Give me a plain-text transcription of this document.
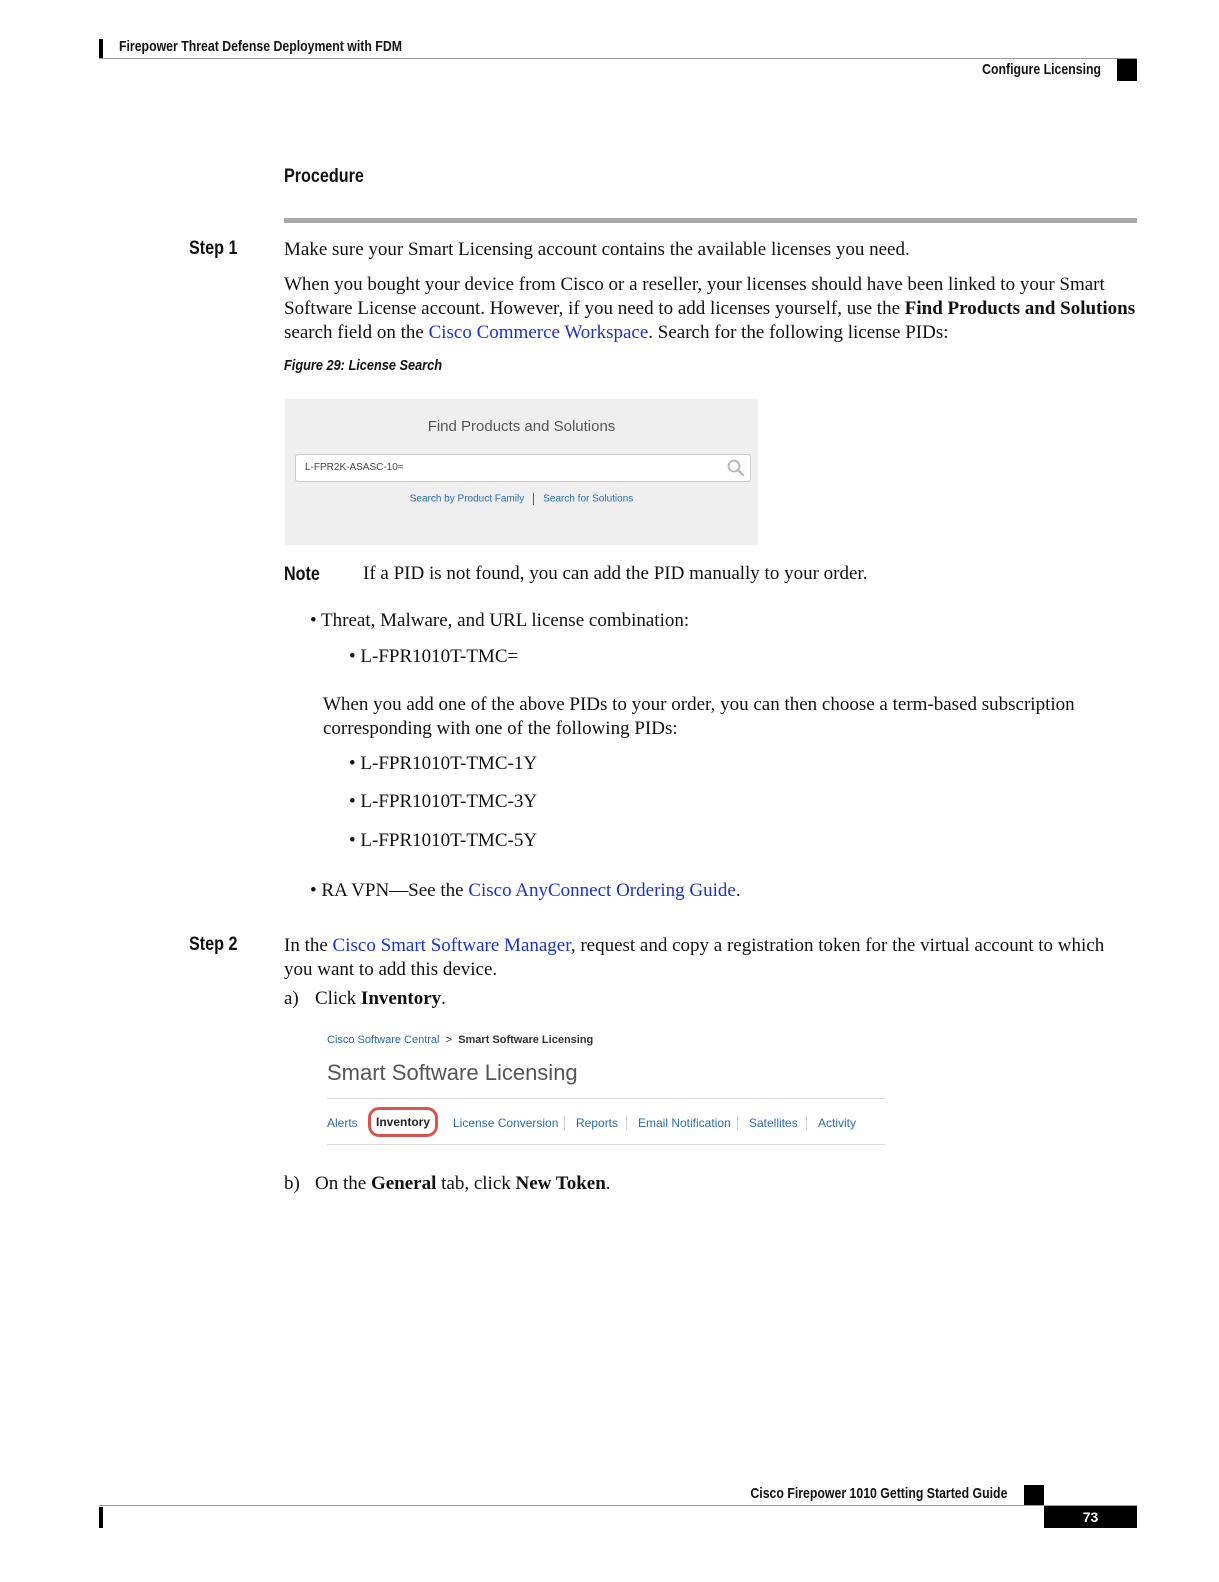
Firepower Threat Defense Deployment with FDM
Configure Licensing
Procedure
Step 1 Make sure your Smart Licensing account contains the available licenses you need.
When you bought your device from Cisco or a reseller, your licenses should have been linked to your Smart Software License account. However, if you need to add licenses yourself, use the Find Products and Solutions search field on the Cisco Commerce Workspace. Search for the following license PIDs:
Figure 29: License Search
Find Products and Solutions
L-FPR2K-ASASC-10=
Search by Product Family Search for Solutions
Note If a PID is not found, you can add the PID manually to your order.
• Threat, Malware, and URL license combination:
• L-FPR1010T-TMC=
When you add one of the above PIDs to your order, you can then choose a term-based subscription corresponding with one of the following PIDs:
• L-FPR1010T-TMC-1Y
• L-FPR1010T-TMC-3Y
• L-FPR1010T-TMC-5Y
• RA VPN—See the Cisco AnyConnect Ordering Guide.
Step 2 In the Cisco Smart Software Manager, request and copy a registration token for the virtual account to which you want to add this device.
a) Click Inventory.
Cisco Software Central > Smart Software Licensing
Smart Software Licensing
Alerts	Inventory	License Conversion Reports Email Notification Satellites Activity
b) On the General tab, click New Token.
Cisco Firepower 1010 Getting Started Guide
73
